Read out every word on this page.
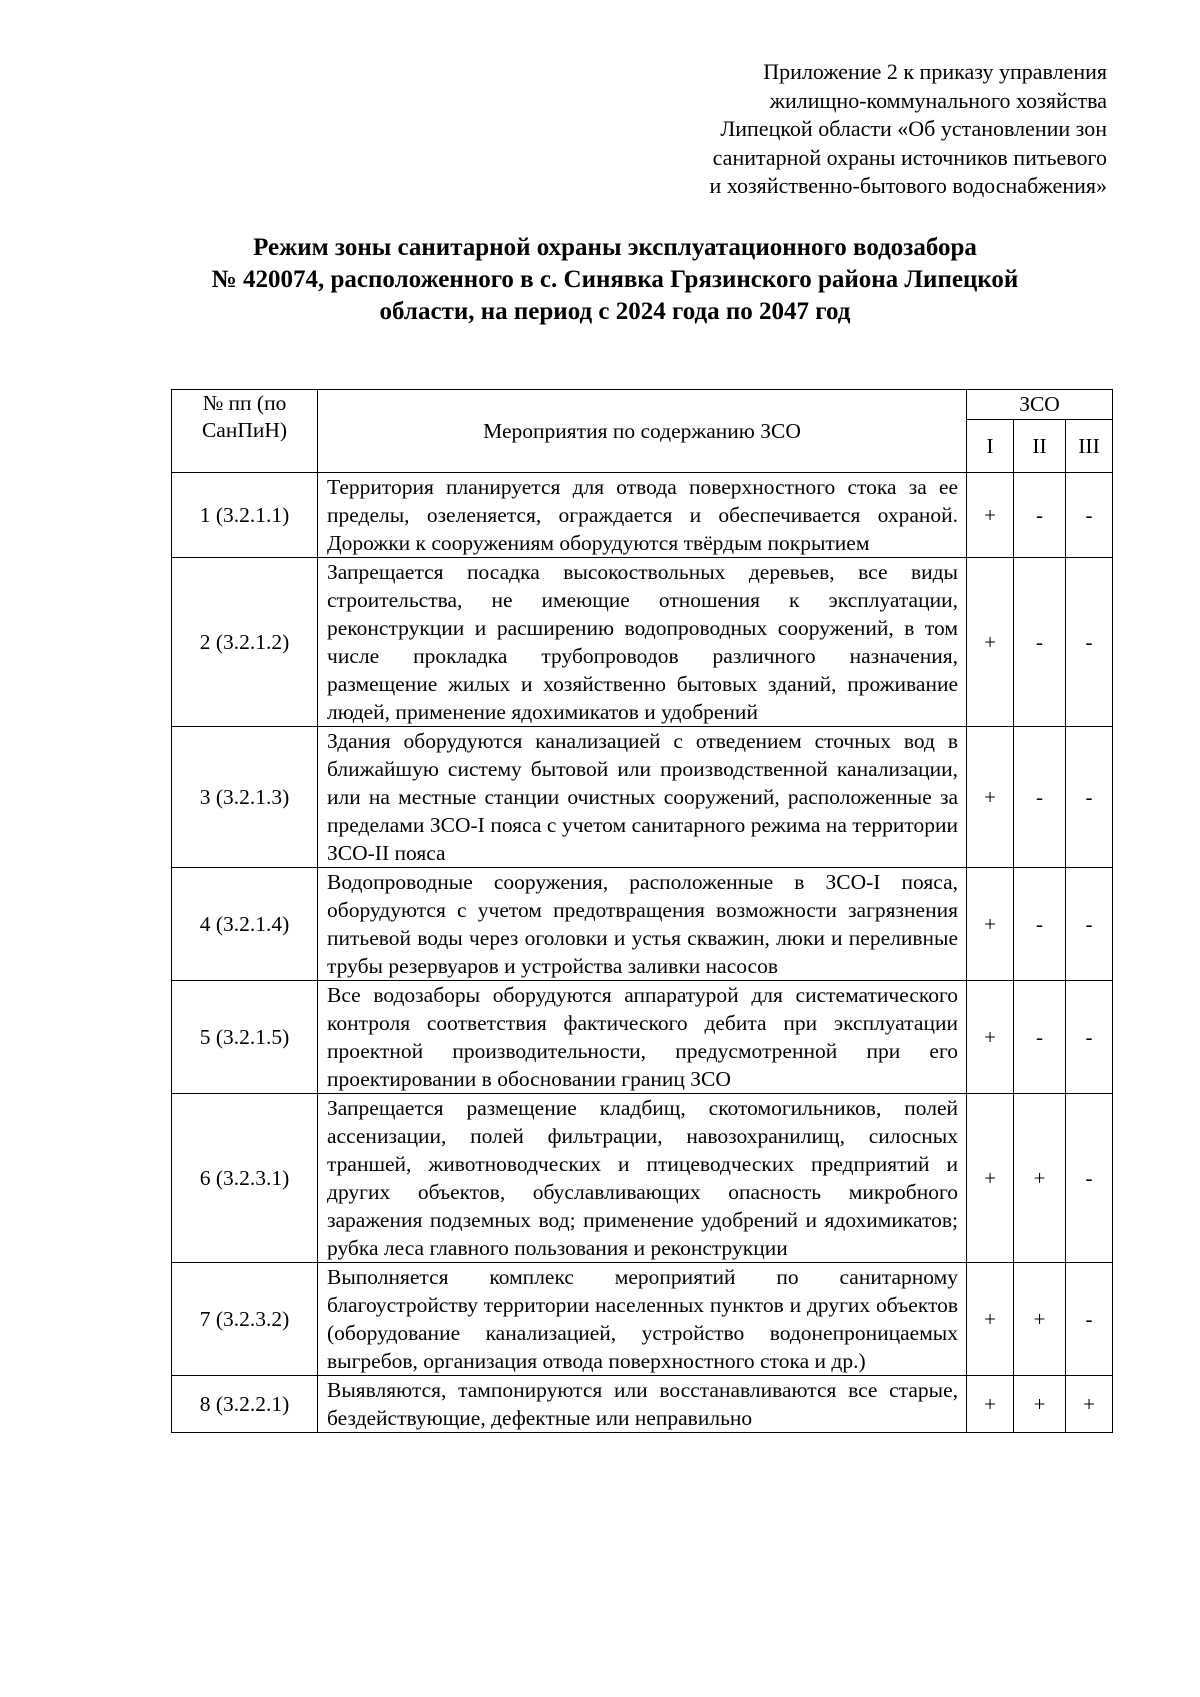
Приложение 2 к приказу управления
жилищно-коммунального хозяйства
Липецкой области «Об установлении зон
санитарной охраны источников питьевого
и хозяйственно-бытового водоснабжения»
Режим зоны санитарной охраны эксплуатационного водозабора
№ 420074, расположенного в с. Синявка Грязинского района Липецкой
области, на период с 2024 года по 2047 год
№ пп (по
СанПиН)	Мероприятия по содержанию ЗСО	ЗСО		
		I	II	III
1 (3.2.1.1)	Территория планируется для отвода поверхностного стока за ее пределы, озеленяется, ограждается и обеспечивается охраной. Дорожки к сооружениям оборудуются твёрдым покрытием	+	-	-
2 (3.2.1.2)	Запрещается посадка высокоствольных деревьев, все виды строительства, не имеющие отношения к эксплуатации, реконструкции и расширению водопроводных сооружений, в том числе прокладка трубопроводов различного назначения, размещение жилых и хозяйственно бытовых зданий, проживание людей, применение ядохимикатов и удобрений	+	-	-
3 (3.2.1.3)	Здания оборудуются канализацией с отведением сточных вод в ближайшую систему бытовой или производственной канализации, или на местные станции очистных сооружений, расположенные за пределами ЗСО-I пояса с учетом санитарного режима на территории ЗСО-II пояса	+	-	-
4 (3.2.1.4)	Водопроводные сооружения, расположенные в ЗСО-I пояса, оборудуются с учетом предотвращения возможности загрязнения питьевой воды через оголовки и устья скважин, люки и переливные трубы резервуаров и устройства заливки насосов	+	-	-
5 (3.2.1.5)	Все водозаборы оборудуются аппаратурой для систематического контроля соответствия фактического дебита при эксплуатации проектной производительности, предусмотренной при его проектировании в обосновании границ ЗСО	+	-	-
6 (3.2.3.1)	Запрещается размещение кладбищ, скотомогильников, полей ассенизации, полей фильтрации, навозохранилищ, силосных траншей, животноводческих и птицеводческих предприятий и других объектов, обуславливающих опасность микробного заражения подземных вод; применение удобрений и ядохимикатов; рубка леса главного пользования и реконструкции	+	+	-
7 (3.2.3.2)	Выполняется комплекс мероприятий по санитарному благоустройству территории населенных пунктов и других объектов (оборудование канализацией, устройство водонепроницаемых выгребов, организация отвода поверхностного стока и др.)	+	+	-
8 (3.2.2.1)	Выявляются, тампонируются или восстанавливаются все старые, бездействующие, дефектные или неправильно	+	+	+
